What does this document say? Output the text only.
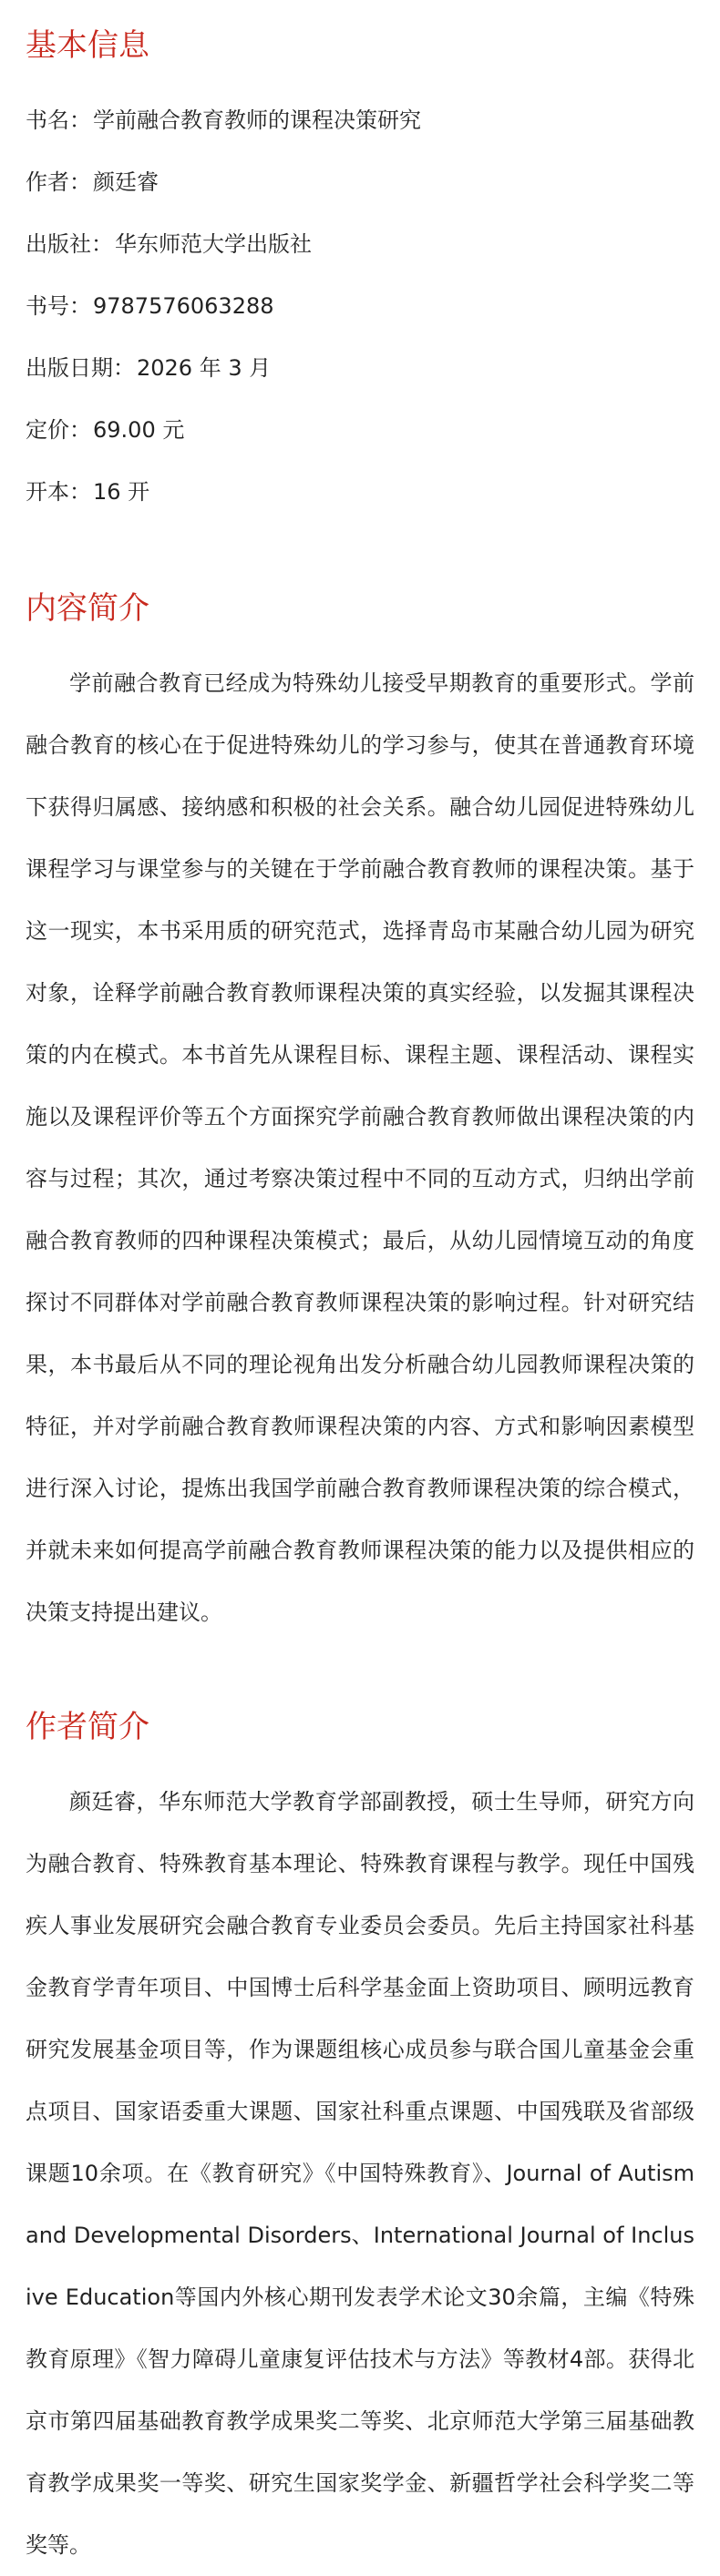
基本信息
书名：学前融合教育教师的课程决策研究
作者：颜廷睿
出版社：华东师范大学出版社
书号：9787576063288
出版日期：2026 年 3 月
定价：69.00 元
开本：16 开
内容简介

学前融合教育已经成为特殊幼儿接受早期教育的重要形式。学前融合教育的核心在于促进特殊幼儿的学习参与，使其在普通教育环境下获得归属感、接纳感和积极的社会关系。融合幼儿园促进特殊幼儿课程学习与课堂参与的关键在于学前融合教育教师的课程决策。基于这一现实，本书采用质的研究范式，选择青岛市某融合幼儿园为研究对象，诠释学前融合教育教师课程决策的真实经验，以发掘其课程决策的内在模式。本书首先从课程目标、课程主题、课程活动、课程实施以及课程评价等五个方面探究学前融合教育教师做出课程决策的内容与过程；其次，通过考察决策过程中不同的互动方式，归纳出学前融合教育教师的四种课程决策模式；最后，从幼儿园情境互动的角度探讨不同群体对学前融合教育教师课程决策的影响过程。针对研究结果，本书最后从不同的理论视角出发分析融合幼儿园教师课程决策的特征，并对学前融合教育教师课程决策的内容、方式和影响因素模型进行深入讨论，提炼出我国学前融合教育教师课程决策的综合模式，并就未来如何提高学前融合教育教师课程决策的能力以及提供相应的决策支持提出建议。

作者简介

颜廷睿，华东师范大学教育学部副教授，硕士生导师，研究方向为融合教育、特殊教育基本理论、特殊教育课程与教学。现任中国残疾人事业发展研究会融合教育专业委员会委员。先后主持国家社科基金教育学青年项目、中国博士后科学基金面上资助项目、顾明远教育研究发展基金项目等，作为课题组核心成员参与联合国儿童基金会重点项目、国家语委重大课题、国家社科重点课题、中国残联及省部级课题10余项。在《教育研究》《中国特殊教育》、Journal of Autism and Developmental Disorders、International Journal of Inclusive Education等国内外核心期刊发表学术论文30余篇，主编《特殊教育原理》《智力障碍儿童康复评估技术与方法》等教材4部。获得北京市第四届基础教育教学成果奖二等奖、北京师范大学第三届基础教育教学成果奖一等奖、研究生国家奖学金、新疆哲学社会科学奖二等奖等。
